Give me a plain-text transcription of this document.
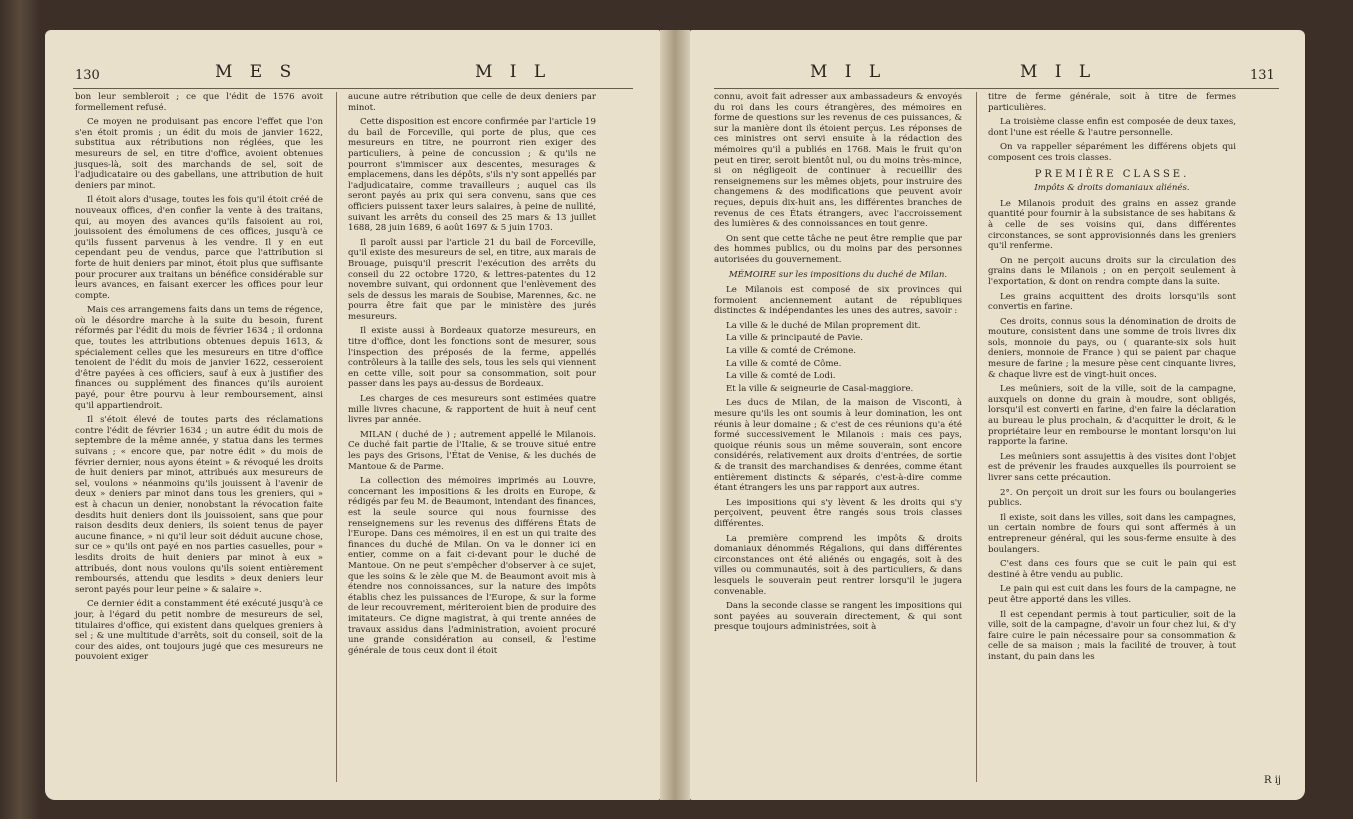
130	M E S	M I L

bon leur sembleroit ; ce que l'édit de 1576 avoit formellement refusé.

Ce moyen ne produisant pas encore l'effet que l'on s'en étoit promis ; un édit du mois de janvier 1622, substitua aux rétributions non réglées, que les mesureurs de sel, en titre d'office, avoient obtenues jusques-là, soit des marchands de sel, soit de l'adjudicataire ou des gabellans, une attribution de huit deniers par minot.

Il étoit alors d'usage, toutes les fois qu'il étoit créé de nouveaux offices, d'en confier la vente à des traitans, qui, au moyen des avances qu'ils faisoient au roi, jouissoient des émolumens de ces offices, jusqu'à ce qu'ils fussent parvenus à les vendre. Il y en eut cependant peu de vendus, parce que l'attribution si forte de huit deniers par minot, étoit plus que suffisante pour procurer aux traitans un bénéfice considérable sur leurs avances, en faisant exercer les offices pour leur compte.

Mais ces arrangemens faits dans un tems de régence, où le désordre marche à la suite du besoin, furent réformés par l'édit du mois de février 1634 ; il ordonna que, toutes les attributions obtenues depuis 1613, & spécialement celles que les mesureurs en titre d'office tenoient de l'édit du mois de janvier 1622, cesseroient d'être payées à ces officiers, sauf à eux à justifier des finances ou supplément des finances qu'ils auroient payé, pour être pourvu à leur remboursement, ainsi qu'il appartiendroit.

Il s'étoit élevé de toutes parts des réclamations contre l'édit de février 1634 ; un autre édit du mois de septembre de la même année, y statua dans les termes suivans ; « encore que, par notre édit » du mois de février dernier, nous ayons éteint » & révoqué les droits de huit deniers par minot, attribués aux mesureurs de sel, voulons » néanmoins qu'ils jouissent à l'avenir de deux » deniers par minot dans tous les greniers, qui » est à chacun un denier, nonobstant la révocation faite desdits huit deniers dont ils jouissoient, sans que pour raison desdits deux deniers, ils soient tenus de payer aucune finance, » ni qu'il leur soit déduit aucune chose, sur ce » qu'ils ont payé en nos parties casuelles, pour » lesdits droits de huit deniers par minot à eux » attribués, dont nous voulons qu'ils soient entièrement remboursés, attendu que lesdits » deux deniers leur seront payés pour leur peine » & salaire ».

Ce dernier édit a constamment été exécuté jusqu'à ce jour, à l'égard du petit nombre de mesureurs de sel, titulaires d'office, qui existent dans quelques greniers à sel ; & une multitude d'arrêts, soit du conseil, soit de la cour des aides, ont toujours jugé que ces mesureurs ne pouvoient exiger

aucune autre rétribution que celle de deux deniers par minot.

Cette disposition est encore confirmée par l'article 19 du bail de Forceville, qui porte de plus, que ces mesureurs en titre, ne pourront rien exiger des particuliers, à peine de concussion ; & qu'ils ne pourront s'immiscer aux descentes, mesurages & emplacemens, dans les dépôts, s'ils n'y sont appellés par l'adjudicataire, comme travailleurs ; auquel cas ils seront payés au prix qui sera convenu, sans que ces officiers puissent taxer leurs salaires, à peine de nullité, suivant les arrêts du conseil des 25 mars & 13 juillet 1688, 28 juin 1689, 6 août 1697 & 5 juin 1703.

Il paroît aussi par l'article 21 du bail de Forceville, qu'il existe des mesureurs de sel, en titre, aux marais de Brouage, puisqu'il prescrit l'exécution des arrêts du conseil du 22 octobre 1720, & lettres-patentes du 12 novembre suivant, qui ordonnent que l'enlèvement des sels de dessus les marais de Soubise, Marennes, &c. ne pourra être fait que par le ministère des jurés mesureurs.

Il existe aussi à Bordeaux quatorze mesureurs, en titre d'office, dont les fonctions sont de mesurer, sous l'inspection des préposés de la ferme, appellés contrôleurs à la taille des sels, tous les sels qui viennent en cette ville, soit pour sa consommation, soit pour passer dans les pays au-dessus de Bordeaux.

Les charges de ces mesureurs sont estimées quatre mille livres chacune, & rapportent de huit à neuf cent livres par année.

MILAN ( duché de ) ; autrement appellé le Milanois. Ce duché fait partie de l'Italie, & se trouve situé entre les pays des Grisons, l'État de Venise, & les duchés de Mantoue & de Parme.

La collection des mémoires imprimés au Louvre, concernant les impositions & les droits en Europe, & rédigés par feu M. de Beaumont, intendant des finances, est la seule source qui nous fournisse des renseignemens sur les revenus des différens États de l'Europe. Dans ces mémoires, il en est un qui traite des finances du duché de Milan. On va le donner ici en entier, comme on a fait ci-devant pour le duché de Mantoue. On ne peut s'empêcher d'observer à ce sujet, que les soins & le zèle que M. de Beaumont avoit mis à étendre nos connoissances, sur la nature des impôts établis chez les puissances de l'Europe, & sur la forme de leur recouvrement, mériteroient bien de produire des imitateurs. Ce digne magistrat, à qui trente années de travaux assidus dans l'administration, avoient procuré une grande considération au conseil, & l'estime générale de tous ceux dont il étoit

M I L	M I L	131

connu, avoit fait adresser aux ambassadeurs & envoyés du roi dans les cours étrangères, des mémoires en forme de questions sur les revenus de ces puissances, & sur la manière dont ils étoient perçus. Les réponses de ces ministres ont servi ensuite à la rédaction des mémoires qu'il a publiés en 1768. Mais le fruit qu'on peut en tirer, seroit bientôt nul, ou du moins très-mince, si on négligeoit de continuer à recueillir des renseignemens sur les mêmes objets, pour instruire des changemens & des modifications que peuvent avoir reçues, depuis dix-huit ans, les différentes branches de revenus de ces États étrangers, avec l'accroissement des lumières & des connoissances en tout genre.

On sent que cette tâche ne peut être remplie que par des hommes publics, ou du moins par des personnes autorisées du gouvernement.

MÉMOIRE sur les impositions du duché de Milan.

Le Milanois est composé de six provinces qui formoient anciennement autant de républiques distinctes & indépendantes les unes des autres, savoir :

La ville & le duché de Milan proprement dit.
La ville & principauté de Pavie.
La ville & comté de Crémone.
La ville & comté de Côme.
La ville & comté de Lodi.
Et la ville & seigneurie de Casal-maggiore.

Les ducs de Milan, de la maison de Visconti, à mesure qu'ils les ont soumis à leur domination, les ont réunis à leur domaine ; & c'est de ces réunions qu'a été formé successivement le Milanois : mais ces pays, quoique réunis sous un même souverain, sont encore considérés, relativement aux droits d'entrées, de sortie & de transit des marchandises & denrées, comme étant entièrement distincts & séparés, c'est-à-dire comme étant étrangers les uns par rapport aux autres.

Les impositions qui s'y lèvent & les droits qui s'y perçoivent, peuvent être rangés sous trois classes différentes.

La première comprend les impôts & droits domaniaux dénommés Régalions, qui dans différentes circonstances ont été aliénés ou engagés, soit à des villes ou communautés, soit à des particuliers, & dans lesquels le souverain peut rentrer lorsqu'il le jugera convenable.

Dans la seconde classe se rangent les impositions qui sont payées au souverain directement, & qui sont presque toujours administrées, soit à

titre de ferme générale, soit à titre de fermes particulières.

La troisième classe enfin est composée de deux taxes, dont l'une est réelle & l'autre personnelle.

On va rappeller séparément les différens objets qui composent ces trois classes.

PREMIÈRE CLASSE.
Impôts & droits domaniaux aliénés.

Le Milanois produit des grains en assez grande quantité pour fournir à la subsistance de ses habitans & à celle de ses voisins qui, dans différentes circonstances, se sont approvisionnés dans les greniers qu'il renferme.

On ne perçoit aucuns droits sur la circulation des grains dans le Milanois ; on en perçoit seulement à l'exportation, & dont on rendra compte dans la suite.

Les grains acquittent des droits lorsqu'ils sont convertis en farine.

Ces droits, connus sous la dénomination de droits de mouture, consistent dans une somme de trois livres dix sols, monnoie du pays, ou ( quarante-six sols huit deniers, monnoie de France ) qui se paient par chaque mesure de farine ; la mesure pèse cent cinquante livres, & chaque livre est de vingt-huit onces.

Les meûniers, soit de la ville, soit de la campagne, auxquels on donne du grain à moudre, sont obligés, lorsqu'il est converti en farine, d'en faire la déclaration au bureau le plus prochain, & d'acquitter le droit, & le propriétaire leur en rembourse le montant lorsqu'on lui rapporte la farine.

Les meûniers sont assujettis à des visites dont l'objet est de prévenir les fraudes auxquelles ils pourroient se livrer sans cette précaution.

2°. On perçoit un droit sur les fours ou boulangeries publics.

Il existe, soit dans les villes, soit dans les campagnes, un certain nombre de fours qui sont affermés à un entrepreneur général, qui les sous-ferme ensuite à des boulangers.

C'est dans ces fours que se cuit le pain qui est destiné à être vendu au public.

Le pain qui est cuit dans les fours de la campagne, ne peut être apporté dans les villes.

Il est cependant permis à tout particulier, soit de la ville, soit de la campagne, d'avoir un four chez lui, & d'y faire cuire le pain nécessaire pour sa consommation & celle de sa maison ; mais la facilité de trouver, à tout instant, du pain dans les

R ij
